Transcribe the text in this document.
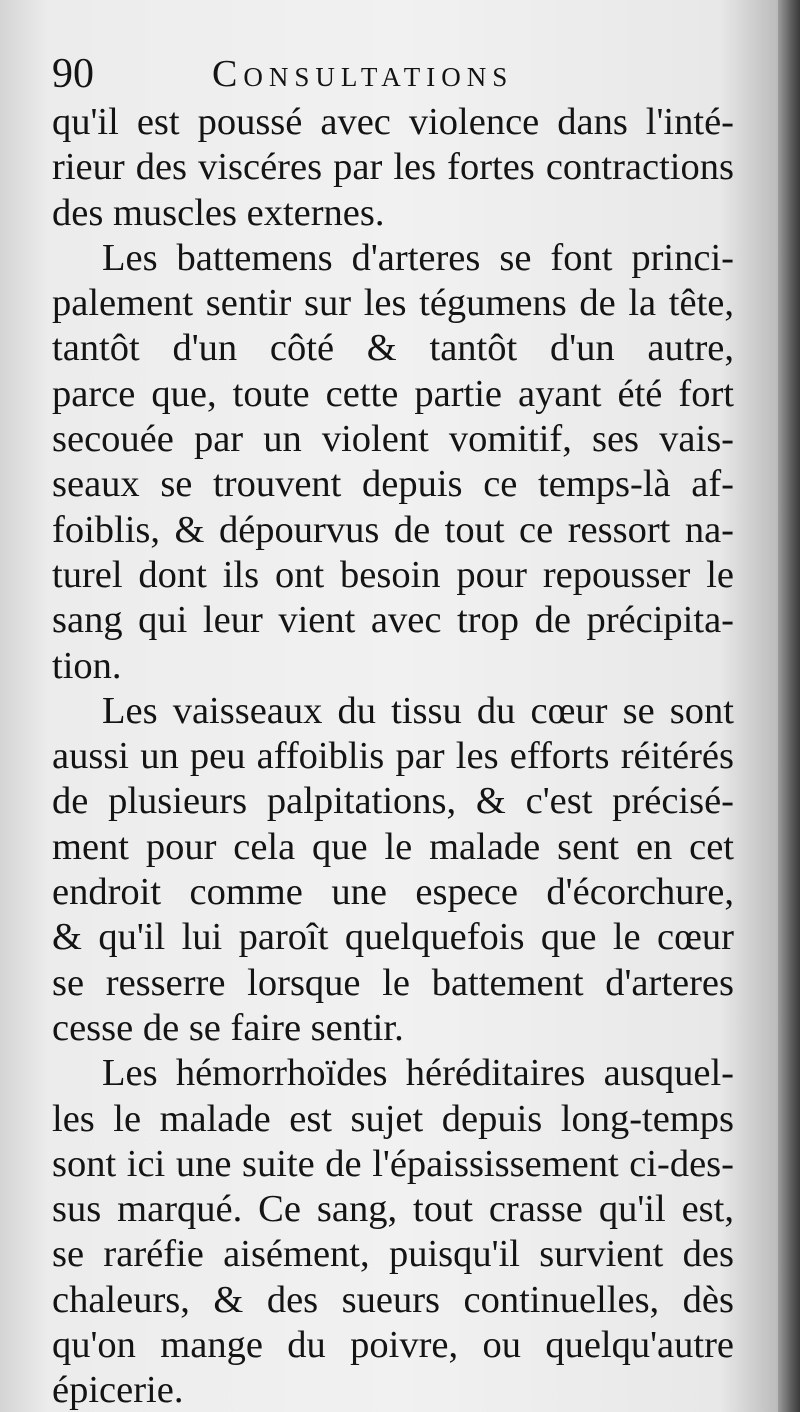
90	Consultations
qu'il est poussé avec violence dans l'inté-
rieur des viscéres par les fortes contractions
des muscles externes.
Les battemens d'arteres se font princi-
palement sentir sur les tégumens de la tête,
tantôt d'un côté & tantôt d'un autre,
parce que, toute cette partie ayant été fort
secouée par un violent vomitif, ses vais-
seaux se trouvent depuis ce temps-là af-
foiblis, & dépourvus de tout ce ressort na-
turel dont ils ont besoin pour repousser le
sang qui leur vient avec trop de précipita-
tion.
Les vaisseaux du tissu du cœur se sont
aussi un peu affoiblis par les efforts réitérés
de plusieurs palpitations, & c'est précisé-
ment pour cela que le malade sent en cet
endroit comme une espece d'écorchure,
& qu'il lui paroît quelquefois que le cœur
se resserre lorsque le battement d'arteres
cesse de se faire sentir.
Les hémorrhoïdes héréditaires ausquel-
les le malade est sujet depuis long-temps
sont ici une suite de l'épaississement ci-des-
sus marqué. Ce sang, tout crasse qu'il est,
se raréfie aisément, puisqu'il survient des
chaleurs, & des sueurs continuelles, dès
qu'on mange du poivre, ou quelqu'autre
épicerie.
